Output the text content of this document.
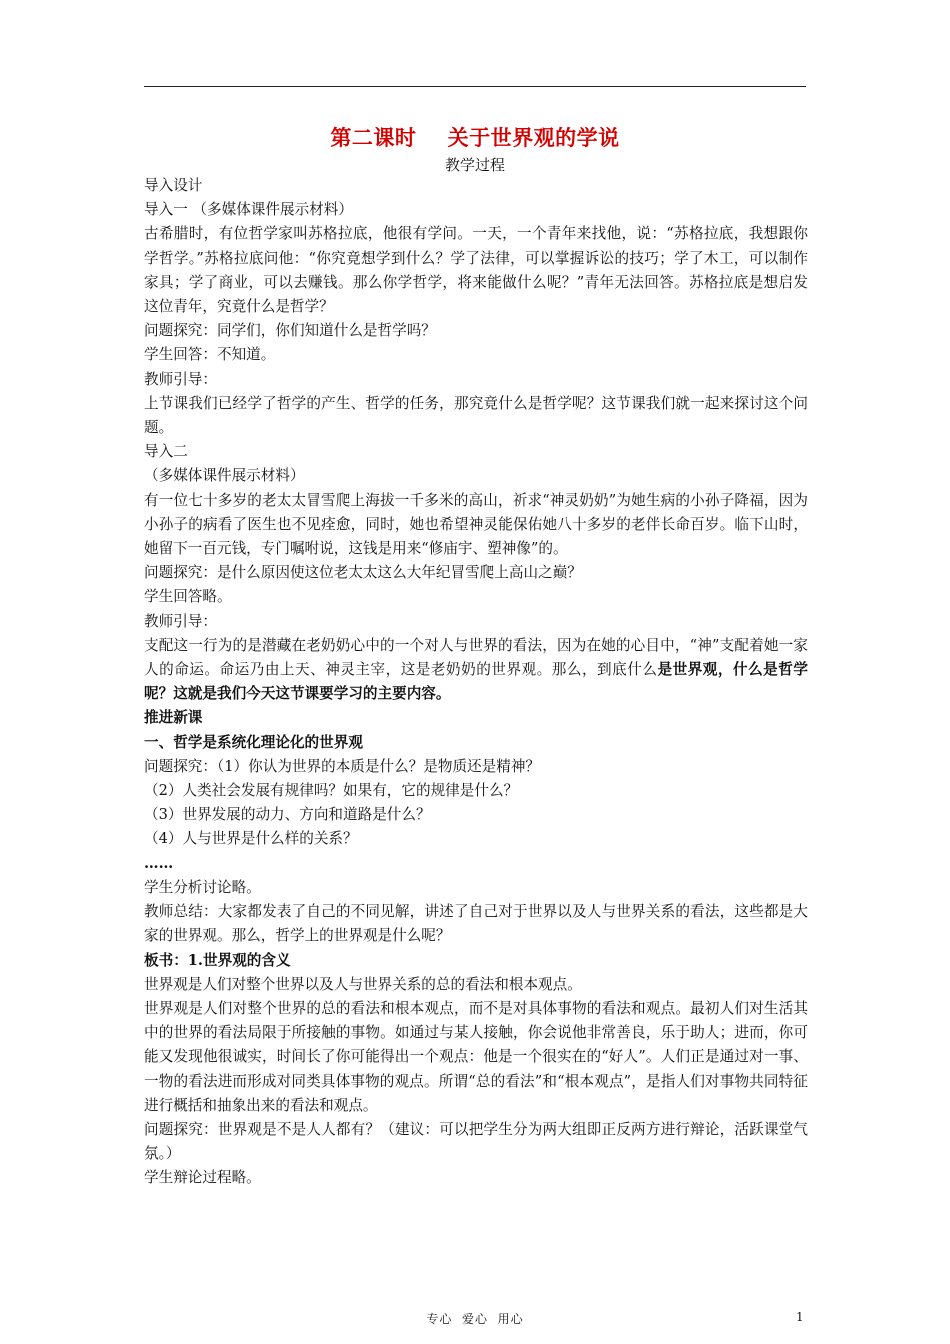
第二课时    关于世界观的学说
教学过程

导入设计

导入一 （多媒体课件展示材料）

古希腊时，有位哲学家叫苏格拉底，他很有学问。一天，一个青年来找他，说：“苏格拉底，我想跟你学哲学。”苏格拉底问他：“你究竟想学到什么？学了法律，可以掌握诉讼的技巧；学了木工，可以制作家具；学了商业，可以去赚钱。那么你学哲学，将来能做什么呢？”青年无法回答。苏格拉底是想启发这位青年，究竟什么是哲学？

问题探究：同学们，你们知道什么是哲学吗？

学生回答：不知道。

教师引导：

上节课我们已经学了哲学的产生、哲学的任务，那究竟什么是哲学呢？这节课我们就一起来探讨这个问题。

导入二

（多媒体课件展示材料）

有一位七十多岁的老太太冒雪爬上海拔一千多米的高山，祈求“神灵奶奶”为她生病的小孙子降福，因为小孙子的病看了医生也不见痊愈，同时，她也希望神灵能保佑她八十多岁的老伴长命百岁。临下山时，她留下一百元钱，专门嘱咐说，这钱是用来“修庙宇、塑神像”的。

问题探究：是什么原因使这位老太太这么大年纪冒雪爬上高山之巅？

学生回答略。

教师引导：

支配这一行为的是潜藏在老奶奶心中的一个对人与世界的看法，因为在她的心目中，“神”支配着她一家人的命运。命运乃由上天、神灵主宰，这是老奶奶的世界观。那么，到底什么是世界观，什么是哲学呢？这就是我们今天这节课要学习的主要内容。

推进新课

一、哲学是系统化理论化的世界观

问题探究：（1）你认为世界的本质是什么？是物质还是精神？

（2）人类社会发展有规律吗？如果有，它的规律是什么？

（3）世界发展的动力、方向和道路是什么？

（4）人与世界是什么样的关系？

……

学生分析讨论略。

教师总结：大家都发表了自己的不同见解，讲述了自己对于世界以及人与世界关系的看法，这些都是大家的世界观。那么，哲学上的世界观是什么呢？

板书：1.世界观的含义

世界观是人们对整个世界以及人与世界关系的总的看法和根本观点。

世界观是人们对整个世界的总的看法和根本观点，而不是对具体事物的看法和观点。最初人们对生活其中的世界的看法局限于所接触的事物。如通过与某人接触，你会说他非常善良，乐于助人；进而，你可能又发现他很诚实，时间长了你可能得出一个观点：他是一个很实在的“好人”。人们正是通过对一事、一物的看法进而形成对同类具体事物的观点。所谓“总的看法”和“根本观点”，是指人们对事物共同特征进行概括和抽象出来的看法和观点。

问题探究：世界观是不是人人都有？（建议：可以把学生分为两大组即正反两方进行辩论，活跃课堂气氛。）

学生辩论过程略。

专心  爱心  用心	1
